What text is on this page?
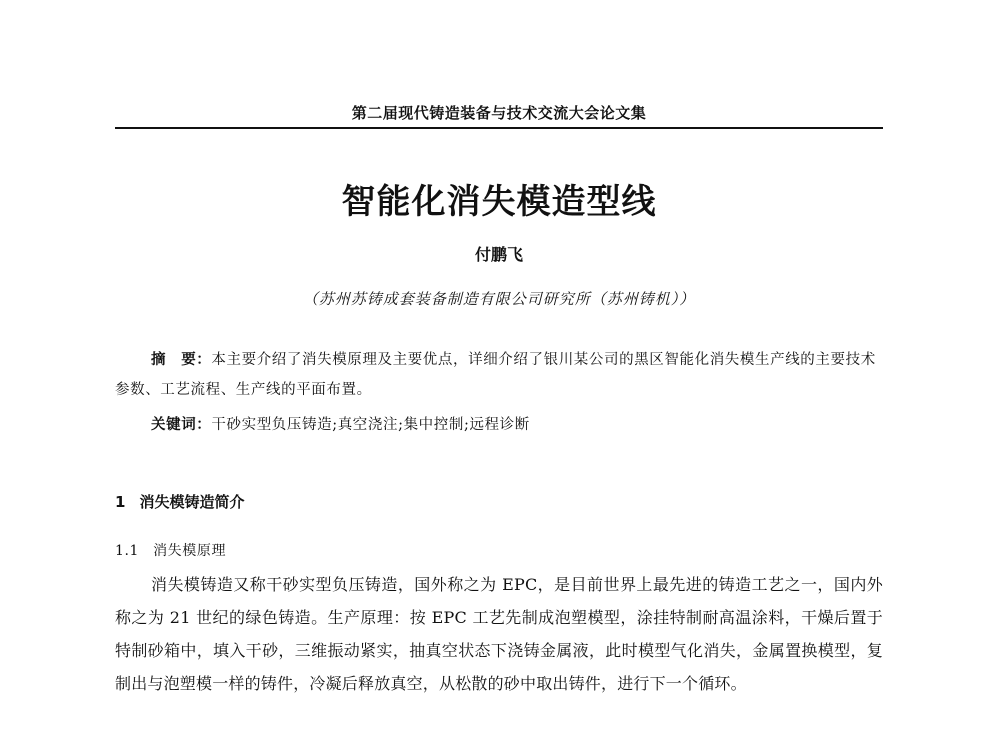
第二届现代铸造装备与技术交流大会论文集
智能化消失模造型线
付鹏飞
（苏州苏铸成套装备制造有限公司研究所（苏州铸机））

摘　要：本主要介绍了消失模原理及主要优点，详细介绍了银川某公司的黑区智能化消失模生产线的主要技术参数、工艺流程、生产线的平面布置。

关键词：干砂实型负压铸造;真空浇注;集中控制;远程诊断
1 消失模铸造简介
1.1 消失模原理

消失模铸造又称干砂实型负压铸造，国外称之为 EPC，是目前世界上最先进的铸造工艺之一，国内外称之为 21 世纪的绿色铸造。生产原理：按 EPC 工艺先制成泡塑模型，涂挂特制耐高温涂料，干燥后置于特制砂箱中，填入干砂，三维振动紧实，抽真空状态下浇铸金属液，此时模型气化消失，金属置换模型，复制出与泡塑模一样的铸件，冷凝后释放真空，从松散的砂中取出铸件，进行下一个循环。
